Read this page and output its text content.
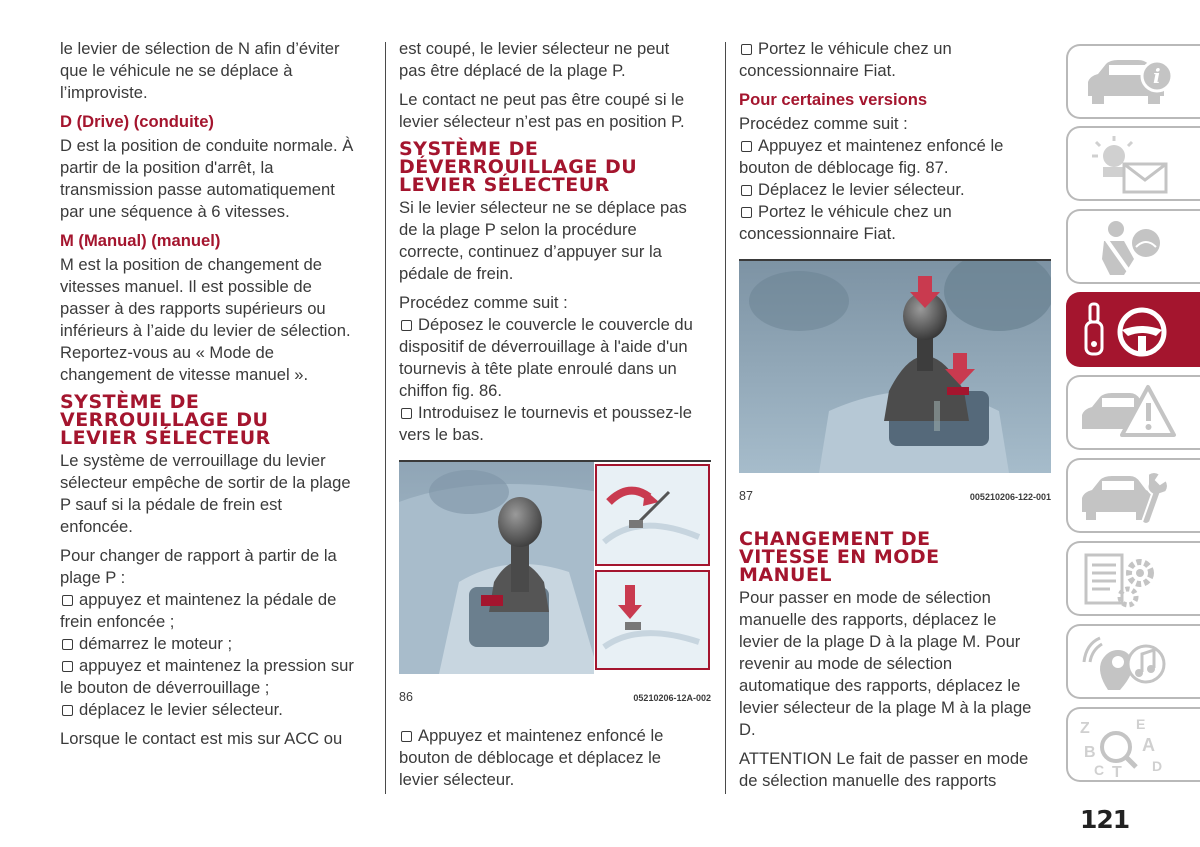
le levier de sélection de N afin d’éviter
que le véhicule ne se déplace à
l’improviste.

D (Drive) (conduite)

D est la position de conduite normale. À
partir de la position d'arrêt, la
transmission passe automatiquement
par une séquence à 6 vitesses.

M (Manual) (manuel)

M est la position de changement de
vitesses manuel. Il est possible de
passer à des rapports supérieurs ou
inférieurs à l’aide du levier de sélection.
Reportez-vous au « Mode de
changement de vitesse manuel ».

SYSTÈME DE
VERROUILLAGE DU
LEVIER SÉLECTEUR

Le système de verrouillage du levier
sélecteur empêche de sortir de la plage
P sauf si la pédale de frein est
enfoncée.

Pour changer de rapport à partir de la
plage P :

appuyez et maintenez la pédale de
frein enfoncée ;
démarrez le moteur ;
appuyez et maintenez la pression sur
le bouton de déverrouillage ;
déplacez le levier sélecteur.

Lorsque le contact est mis sur ACC ou

est coupé, le levier sélecteur ne peut
pas être déplacé de la plage P.

Le contact ne peut pas être coupé si le
levier sélecteur n’est pas en position P.

SYSTÈME DE
DÉVERROUILLAGE DU
LEVIER SÉLECTEUR

Si le levier sélecteur ne se déplace pas
de la plage P selon la procédure
correcte, continuez d’appuyer sur la
pédale de frein.

Procédez comme suit :

Déposez le couvercle le couvercle du
dispositif de déverrouillage à l'aide d'un
tournevis à tête plate enroulé dans un
chiffon fig. 86.
Introduisez le tournevis et poussez-le
vers le bas.
86	05210206-12A-002
Appuyez et maintenez enfoncé le
bouton de déblocage et déplacez le
levier sélecteur.
Portez le véhicule chez un
concessionnaire Fiat.
Pour certaines versions

Procédez comme suit :

Appuyez et maintenez enfoncé le
bouton de déblocage fig. 87.
Déplacez le levier sélecteur.
Portez le véhicule chez un
concessionnaire Fiat.
87	005210206-122-001
CHANGEMENT DE
VITESSE EN MODE
MANUEL

Pour passer en mode de sélection
manuelle des rapports, déplacez le
levier de la plage D à la plage M. Pour
revenir au mode de sélection
automatique des rapports, déplacez le
levier sélecteur de la plage M à la plage
D.

ATTENTION Le fait de passer en mode
de sélection manuelle des rapports

i
Z	E
B	A
C T D
121
